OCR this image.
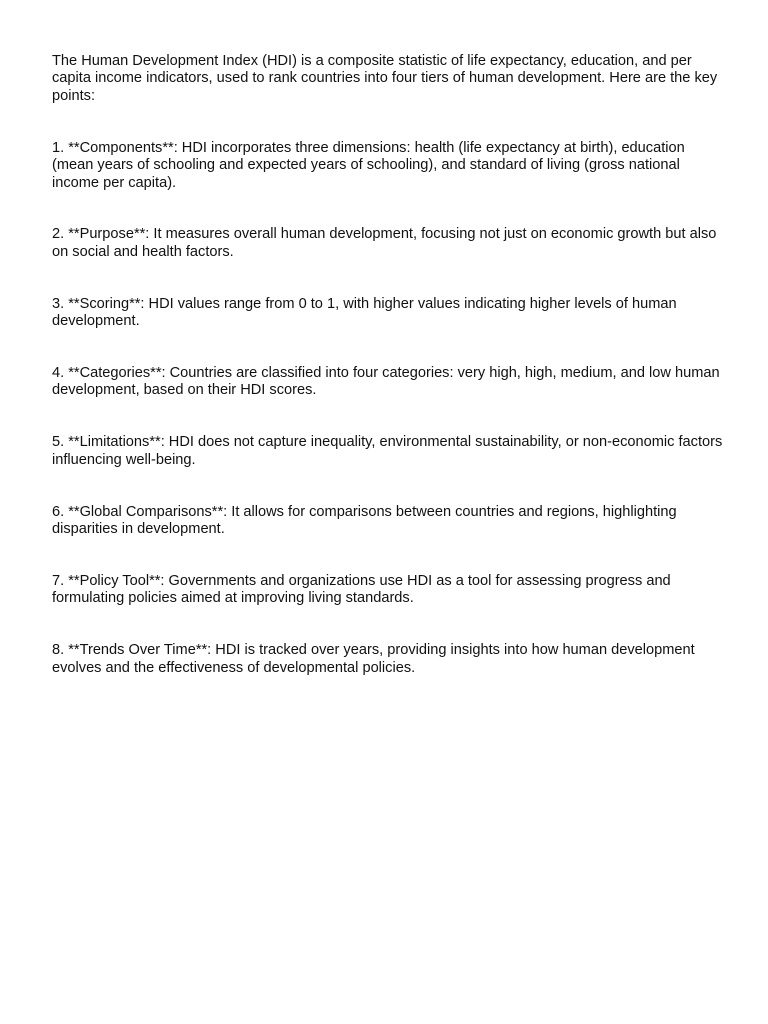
The Human Development Index (HDI) is a composite statistic of life expectancy, education, and per capita income indicators, used to rank countries into four tiers of human development. Here are the key points:

1. **Components**: HDI incorporates three dimensions: health (life expectancy at birth), education (mean years of schooling and expected years of schooling), and standard of living (gross national income per capita).

2. **Purpose**: It measures overall human development, focusing not just on economic growth but also on social and health factors.

3. **Scoring**: HDI values range from 0 to 1, with higher values indicating higher levels of human development.

4. **Categories**: Countries are classified into four categories: very high, high, medium, and low human development, based on their HDI scores.

5. **Limitations**: HDI does not capture inequality, environmental sustainability, or non-economic factors influencing well-being.

6. **Global Comparisons**: It allows for comparisons between countries and regions, highlighting disparities in development.

7. **Policy Tool**: Governments and organizations use HDI as a tool for assessing progress and formulating policies aimed at improving living standards.

8. **Trends Over Time**: HDI is tracked over years, providing insights into how human development evolves and the effectiveness of developmental policies.
